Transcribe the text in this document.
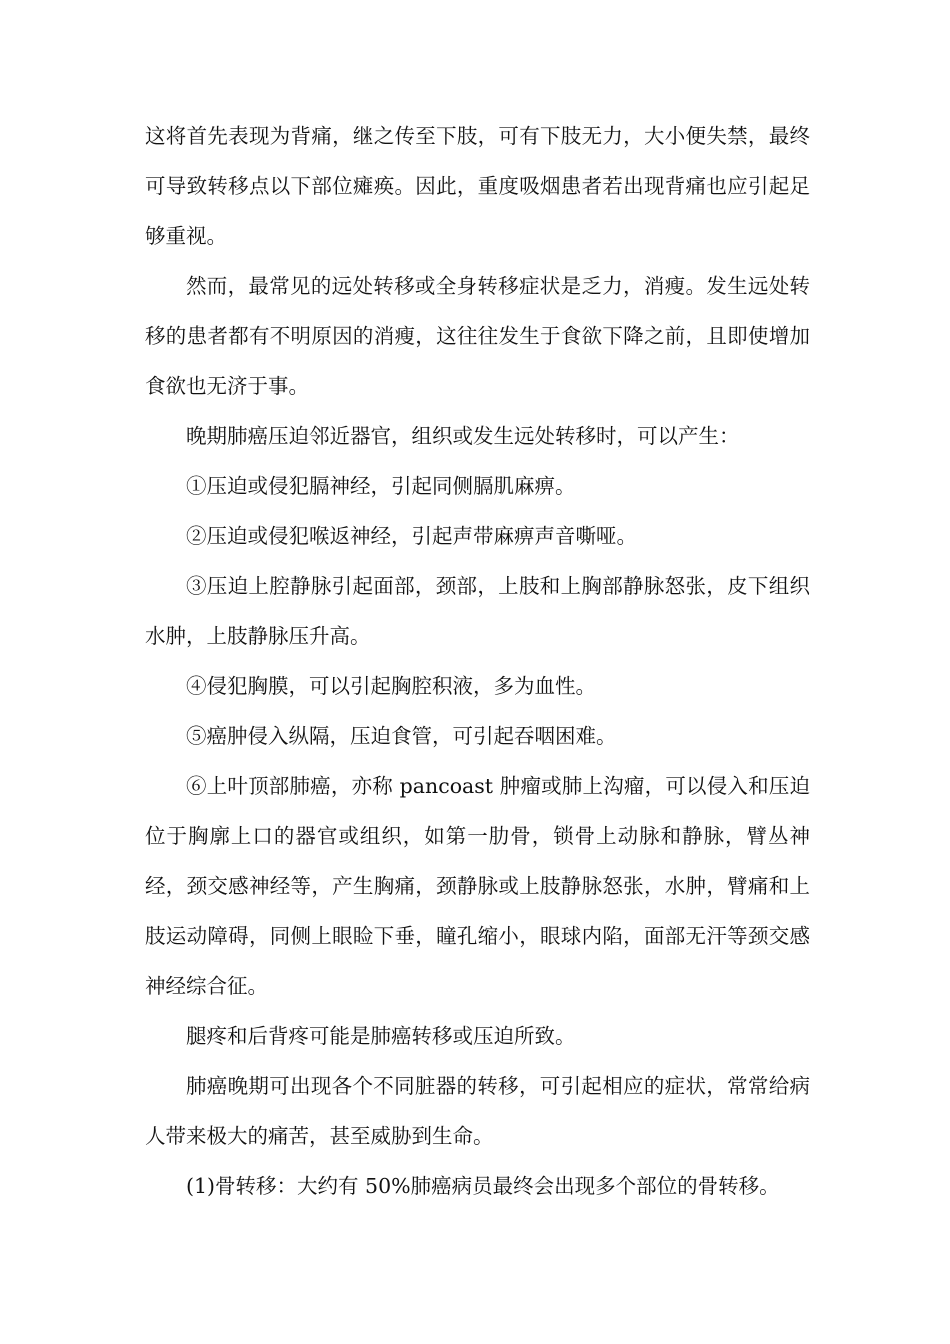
这将首先表现为背痛，继之传至下肢，可有下肢无力，大小便失禁，最终可导致转移点以下部位瘫痪。因此，重度吸烟患者若出现背痛也应引起足够重视。

然而，最常见的远处转移或全身转移症状是乏力，消瘦。发生远处转移的患者都有不明原因的消瘦，这往往发生于食欲下降之前，且即使增加食欲也无济于事。

晚期肺癌压迫邻近器官，组织或发生远处转移时，可以产生：

①压迫或侵犯膈神经，引起同侧膈肌麻痹。

②压迫或侵犯喉返神经，引起声带麻痹声音嘶哑。

③压迫上腔静脉引起面部，颈部，上肢和上胸部静脉怒张，皮下组织水肿，上肢静脉压升高。

④侵犯胸膜，可以引起胸腔积液，多为血性。

⑤癌肿侵入纵隔，压迫食管，可引起吞咽困难。

⑥上叶顶部肺癌，亦称 pancoast 肿瘤或肺上沟瘤，可以侵入和压迫位于胸廓上口的器官或组织，如第一肋骨，锁骨上动脉和静脉，臂丛神经，颈交感神经等，产生胸痛，颈静脉或上肢静脉怒张，水肿，臂痛和上肢运动障碍，同侧上眼睑下垂，瞳孔缩小，眼球内陷，面部无汗等颈交感神经综合征。

腿疼和后背疼可能是肺癌转移或压迫所致。

肺癌晚期可出现各个不同脏器的转移，可引起相应的症状，常常给病人带来极大的痛苦，甚至威胁到生命。

(1)骨转移：大约有 50%肺癌病员最终会出现多个部位的骨转移。
